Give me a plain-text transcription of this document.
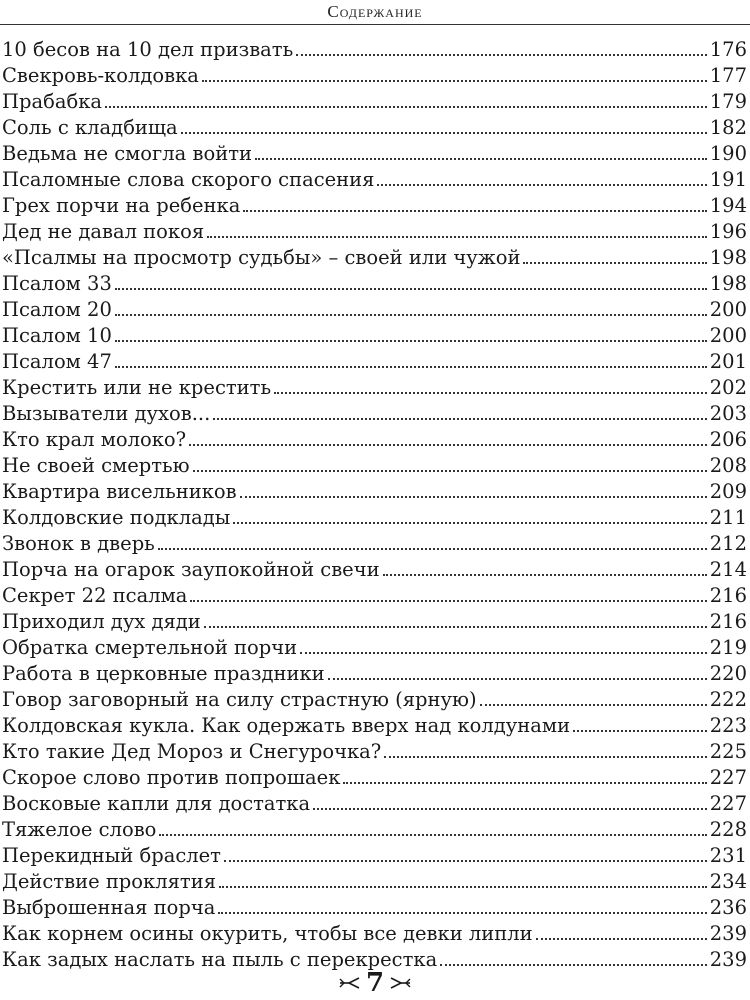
Содержание
10 бесов на 10 дел призвать	176
Свекровь-колдовка	177
Прабабка	179
Соль с кладбища	182
Ведьма не смогла войти	190
Псаломные слова скорого спасения	191
Грех порчи на ребенка	194
Дед не давал покоя	196
«Псалмы на просмотр судьбы» – своей или чужой	198
Псалом 33	198
Псалом 20	200
Псалом 10	200
Псалом 47	201
Крестить или не крестить	202
Вызыватели духов...	203
Кто крал молоко?	206
Не своей смертью	208
Квартира висельников	209
Колдовские подклады	211
Звонок в дверь	212
Порча на огарок заупокойной свечи	214
Секрет 22 псалма	216
Приходил дух дяди	216
Обратка смертельной порчи	219
Работа в церковные праздники	220
Говор заговорный на силу страстную (ярную)	222
Колдовская кукла. Как одержать вверх над колдунами	223
Кто такие Дед Мороз и Снегурочка?	225
Скорое слово против попрошаек	227
Восковые капли для достатка	227
Тяжелое слово	228
Перекидный браслет	231
Действие проклятия	234
Выброшенная порча	236
Как корнем осины окурить, чтобы все девки липли	239
Как задых наслать на пыль с перекрестка	239
7
